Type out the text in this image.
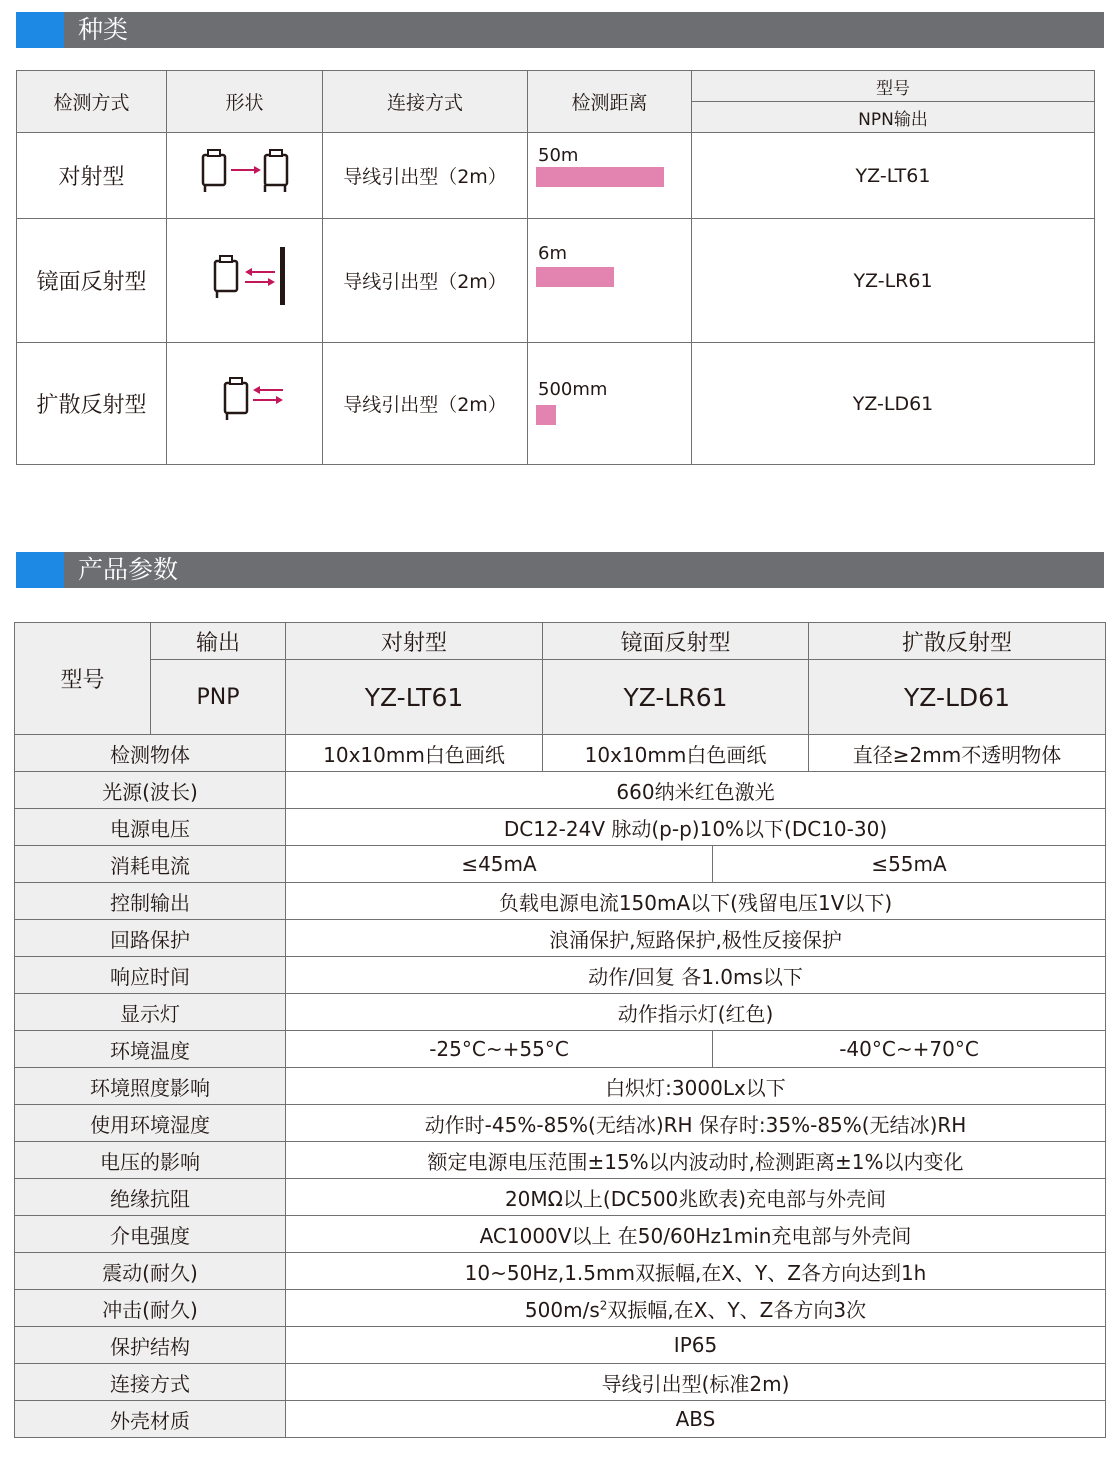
种类
检测方式	形状	连接方式	检测距离	型号
				NPN输出
对射型		导线引出型（2m）	50m	YZ-LT61
镜面反射型		导线引出型（2m）	6m	YZ-LR61
扩散反射型		导线引出型（2m）	500mm	YZ-LD61
产品参数
型号	输出	对射型	镜面反射型		扩散反射型
	PNP	YZ-LT61	YZ-LR61		YZ-LD61
检测物体		10x10mm白色画纸	10x10mm白色画纸		直径≥2mm不透明物体
光源(波长)		660纳米红色激光			
电源电压		DC12-24V 脉动(p-p)10%以下(DC10-30)			
消耗电流		≤45mA		≤55mA	
控制输出		负载电源电流150mA以下(残留电压1V以下)			
回路保护		浪涌保护,短路保护,极性反接保护			
响应时间		动作/回复 各1.0ms以下			
显示灯		动作指示灯(红色)			
环境温度		-25°C~+55°C		-40°C~+70°C	
环境照度影响		白炽灯:3000Lx以下			
使用环境湿度		动作时-45%-85%(无结冰)RH 保存时:35%-85%(无结冰)RH			
电压的影响		额定电源电压范围±15%以内波动时,检测距离±1%以内变化			
绝缘抗阻		20MΩ以上(DC500兆欧表)充电部与外壳间			
介电强度		AC1000V以上 在50/60Hz1min充电部与外壳间			
震动(耐久)		10~50Hz,1.5mm双振幅,在X、Y、Z各方向达到1h			
冲击(耐久)		$500m/s^2$双振幅,在X、Y、Z各方向3次			
保护结构		IP65			
连接方式		导线引出型(标准2m)			
外壳材质		ABS			
